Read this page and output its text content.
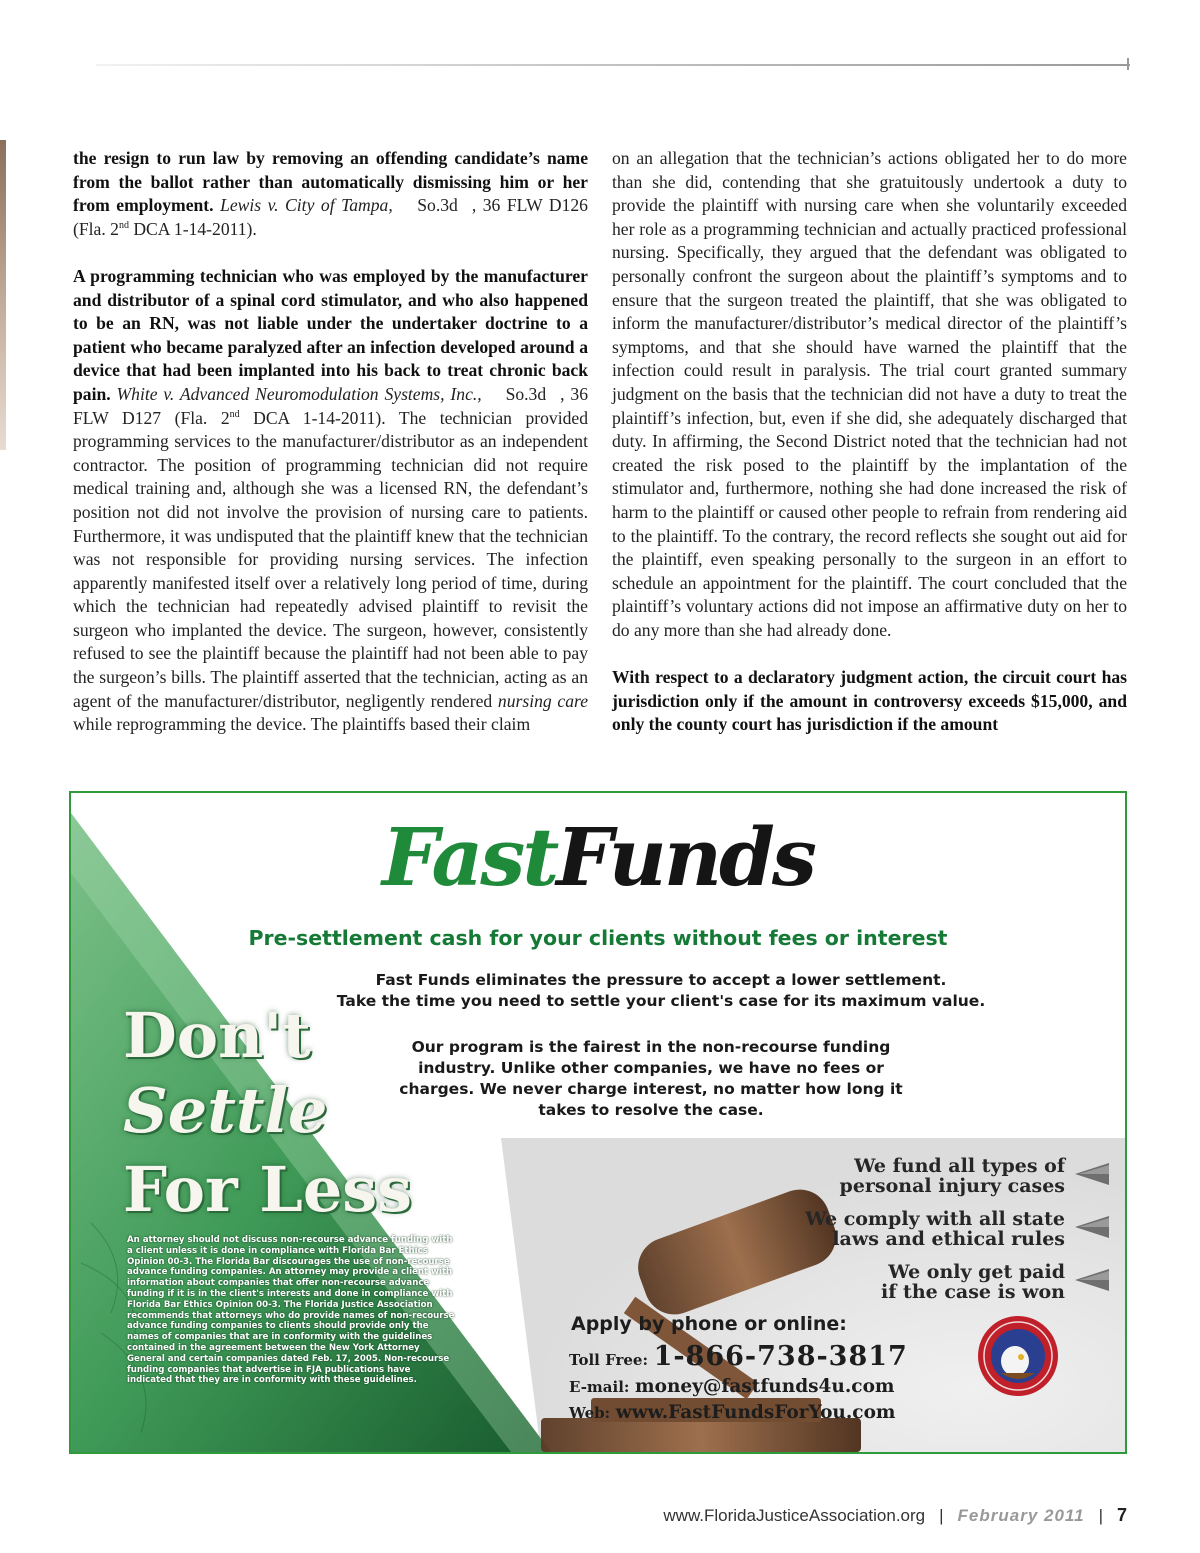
the resign to run law by removing an offending candidate’s name from the ballot rather than automatically dismissing him or her from employment. Lewis v. City of Tampa, So.3d , 36 FLW D126 (Fla. 2nd DCA 1-14-2011).

A programming technician who was employed by the manufacturer and distributor of a spinal cord stimulator, and who also happened to be an RN, was not liable under the undertaker doctrine to a patient who became paralyzed after an infection developed around a device that had been implanted into his back to treat chronic back pain. White v. Advanced Neuromodulation Systems, Inc., So.3d , 36 FLW D127 (Fla. 2nd DCA 1-14-2011). The technician provided programming services to the manufacturer/distributor as an independent contractor. The position of programming technician did not require medical training and, although she was a licensed RN, the defendant’s position not did not involve the provision of nursing care to patients. Furthermore, it was undisputed that the plaintiff knew that the technician was not responsible for providing nursing services. The infection apparently manifested itself over a relatively long period of time, during which the technician had repeatedly advised plaintiff to revisit the surgeon who implanted the device. The surgeon, however, consistently refused to see the plaintiff because the plaintiff had not been able to pay the surgeon’s bills. The plaintiff asserted that the technician, acting as an agent of the manufacturer/distributor, negligently rendered nursing care while reprogramming the device. The plaintiffs based their claim

on an allegation that the technician’s actions obligated her to do more than she did, contending that she gratuitously undertook a duty to provide the plaintiff with nursing care when she voluntarily exceeded her role as a programming technician and actually practiced professional nursing. Specifically, they argued that the defendant was obligated to personally confront the surgeon about the plaintiff’s symptoms and to ensure that the surgeon treated the plaintiff, that she was obligated to inform the manufacturer/distributor’s medical director of the plaintiff’s symptoms, and that she should have warned the plaintiff that the infection could result in paralysis. The trial court granted summary judgment on the basis that the technician did not have a duty to treat the plaintiff’s infection, but, even if she did, she adequately discharged that duty. In affirming, the Second District noted that the technician had not created the risk posed to the plaintiff by the implantation of the stimulator and, furthermore, nothing she had done increased the risk of harm to the plaintiff or caused other people to refrain from rendering aid to the plaintiff. To the contrary, the record reflects she sought out aid for the plaintiff, even speaking personally to the surgeon in an effort to schedule an appointment for the plaintiff. The court concluded that the plaintiff’s voluntary actions did not impose an affirmative duty on her to do any more than she had already done.

With respect to a declaratory judgment action, the circuit court has jurisdiction only if the amount in controversy exceeds $15,000, and only the county court has jurisdiction if the amount

FastFunds
Pre-settlement cash for your clients without fees or interest
Fast Funds eliminates the pressure to accept a lower settlement.
Take the time you need to settle your client's case for its maximum value.
Our program is the fairest in the non-recourse funding industry. Unlike other companies, we have no fees or charges. We never charge interest, no matter how long it takes to resolve the case.
Don't
Settle
For Less
An attorney should not discuss non-recourse advance funding with a client unless it is done in compliance with Florida Bar Ethics Opinion 00-3. The Florida Bar discourages the use of non-recourse advance funding companies. An attorney may provide a client with information about companies that offer non-recourse advance funding if it is in the client's interests and done in compliance with Florida Bar Ethics Opinion 00-3. The Florida Justice Association recommends that attorneys who do provide names of non-recourse advance funding companies to clients should provide only the names of companies that are in conformity with the guidelines contained in the agreement between the New York Attorney General and certain companies dated Feb. 17, 2005. Non-recourse funding companies that advertise in FJA publications have indicated that they are in conformity with these guidelines.
We fund all types of
personal injury cases
We comply with all state
laws and ethical rules
We only get paid
if the case is won
Apply by phone or online:
Toll Free: 1-866-738-3817
E-mail: money@fastfunds4u.com
Web: www.FastFundsForYou.com
www.FloridaJusticeAssociation.org | February 2011 | 7
